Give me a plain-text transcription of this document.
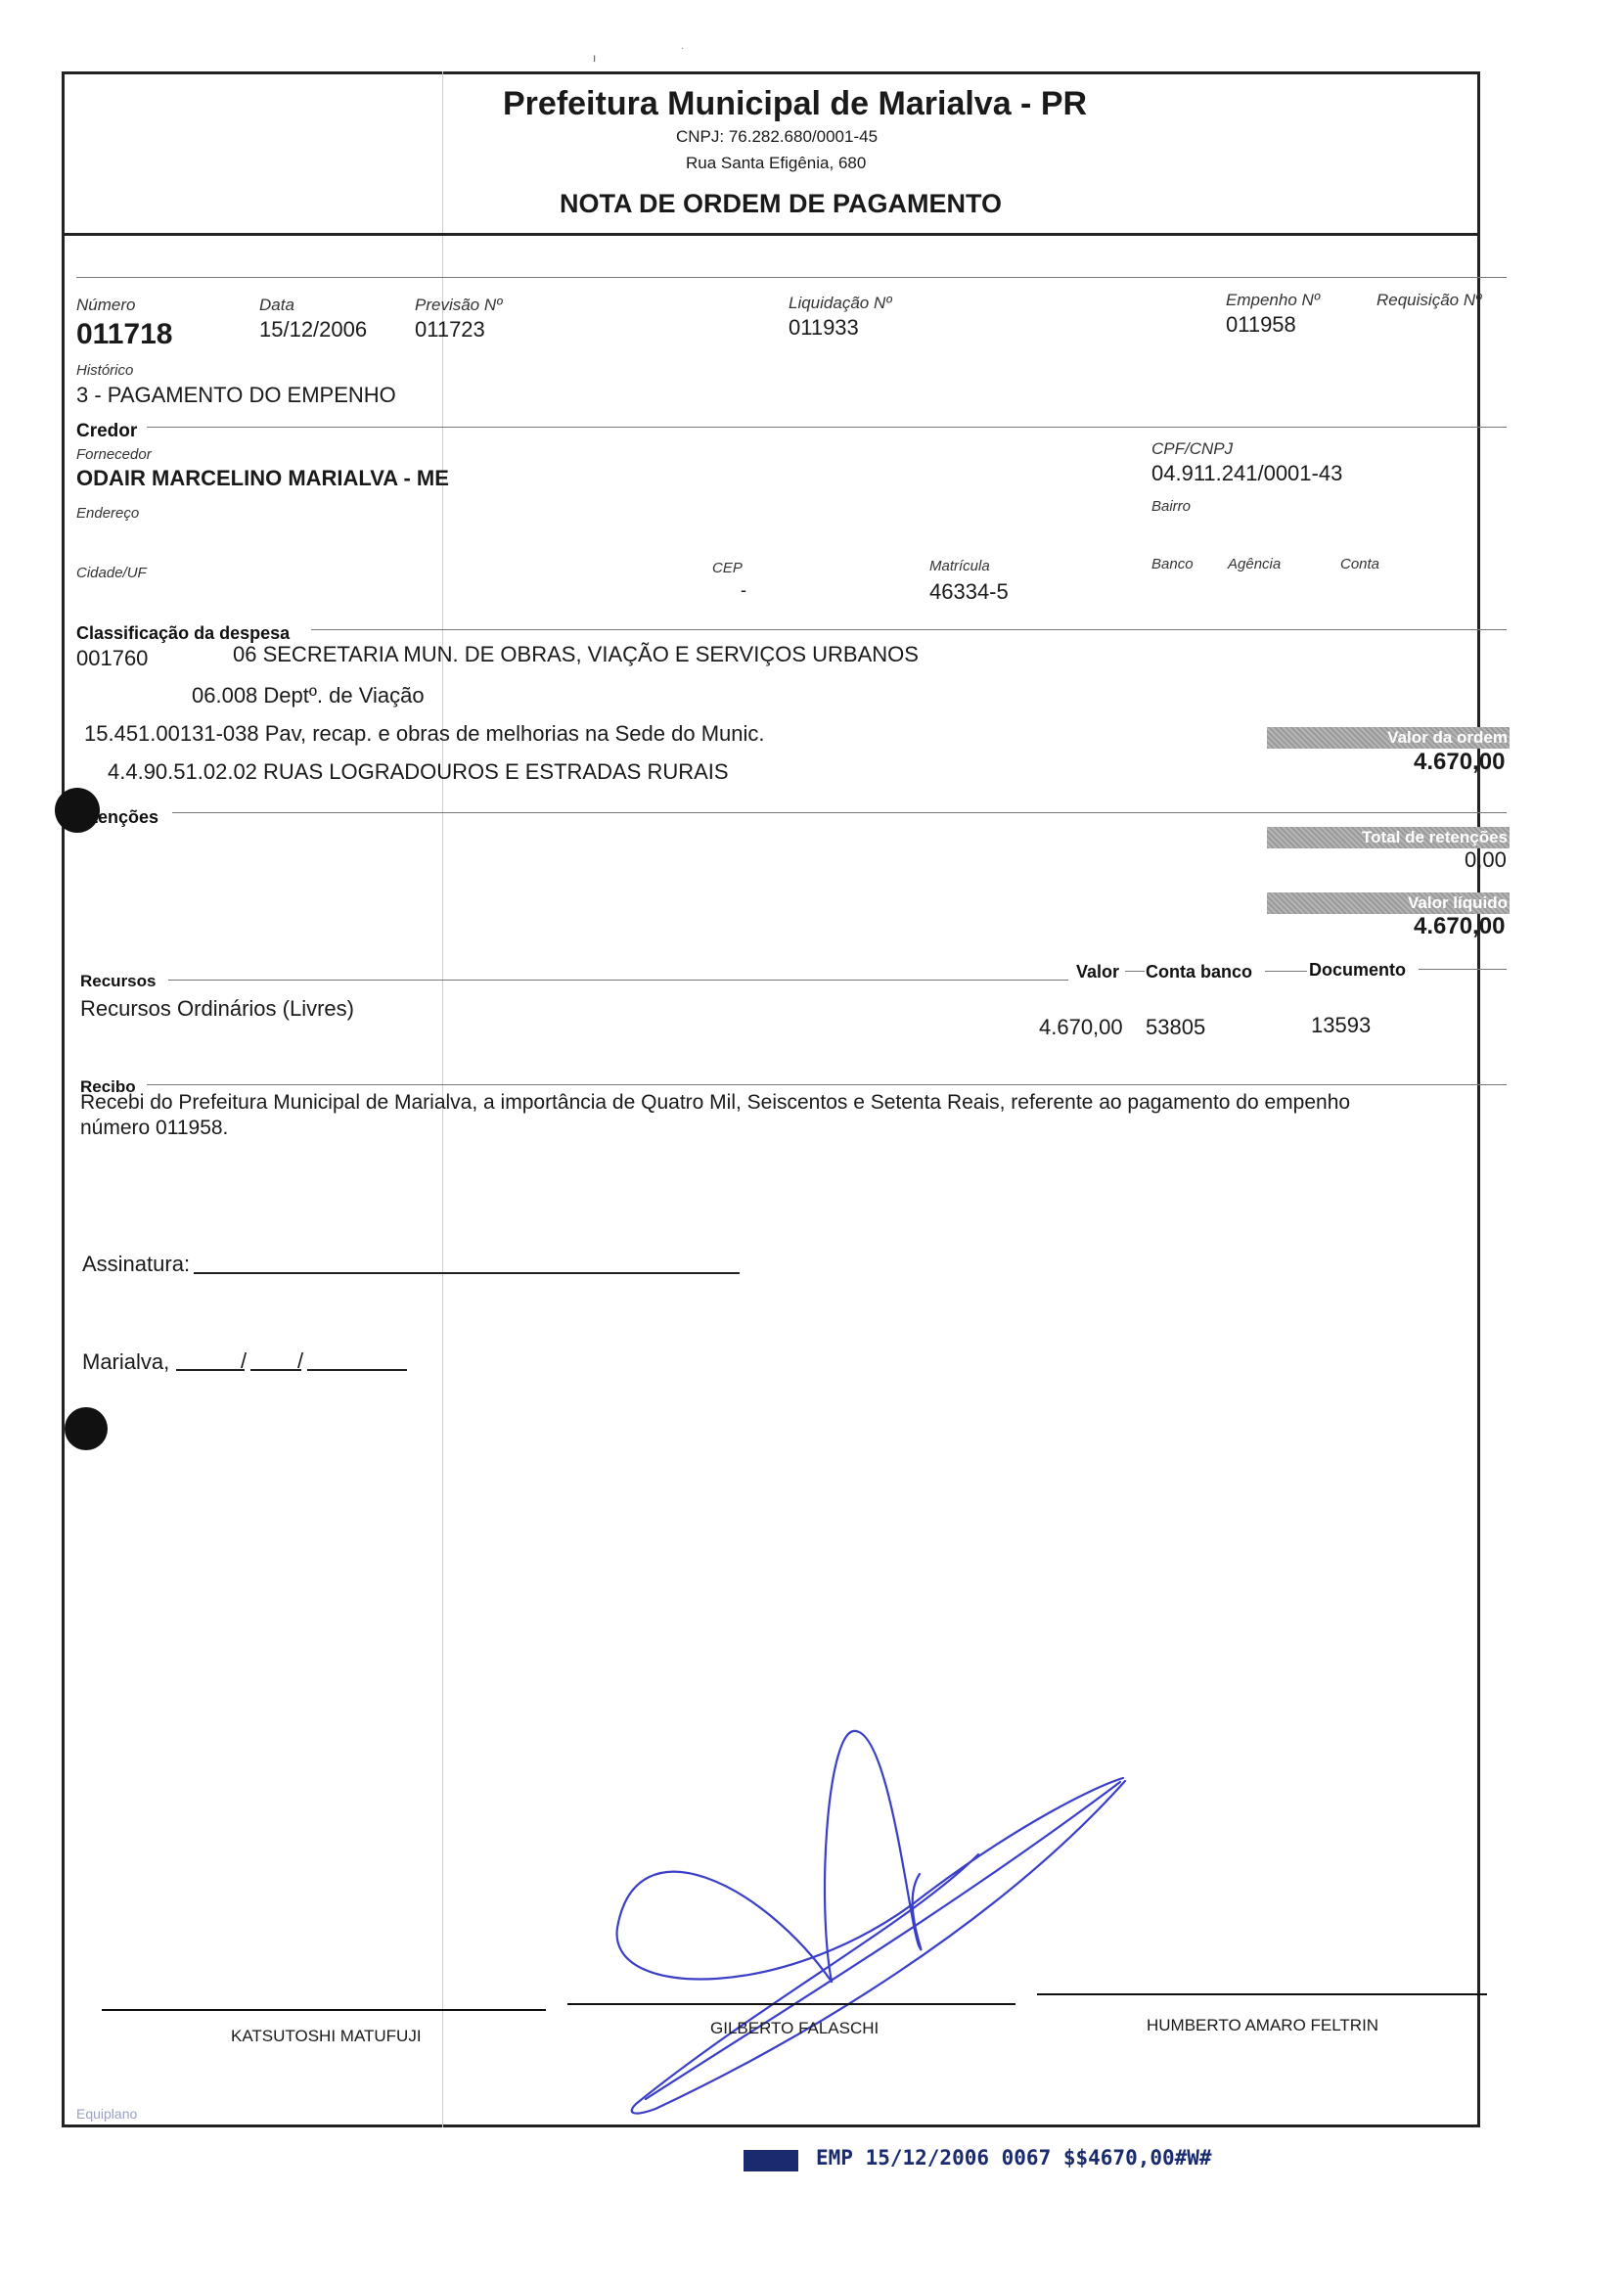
ı
·
Prefeitura Municipal de Marialva - PR
CNPJ: 76.282.680/0001-45
Rua Santa Efigênia, 680
NOTA DE ORDEM DE PAGAMENTO
Número
011718
Data
15/12/2006
Previsão Nº
011723
Liquidação Nº
011933
Empenho Nº
011958
Requisição Nº
Histórico
3 - PAGAMENTO DO EMPENHO
Credor
Fornecedor
ODAIR MARCELINO MARIALVA - ME
CPF/CNPJ
04.911.241/0001-43
Endereço	Bairro
Cidade/UF	CEP
-
Matrícula
46334-5
Banco Agência	Conta
Classificação da despesa
001760	06 SECRETARIA MUN. DE OBRAS, VIAÇÃO E SERVIÇOS URBANOS
06.008 Deptº. de Viação
15.451.00131-038 Pav, recap. e obras de melhorias na Sede do Munic.
4.4.90.51.02.02 RUAS LOGRADOUROS E ESTRADAS RURAIS
Valor da ordem
4.670,00
etenções
Total de retenções
0,00
Valor líquido
4.670,00
Recursos	Valor Conta banco	Documento
Recursos Ordinários (Livres)
4.670,00 53805	13593
Recibo
Recebi do Prefeitura Municipal de Marialva, a importância de Quatro Mil, Seiscentos e Setenta Reais, referente ao pagamento do empenho
número 011958.
Assinatura:
Marialva,	/ /
KATSUTOSHI MATUFUJI	GILBERTO FALASCHI	HUMBERTO AMARO FELTRIN
Equiplano
EMP 15/12/2006 0067 $$4670,00#W#
